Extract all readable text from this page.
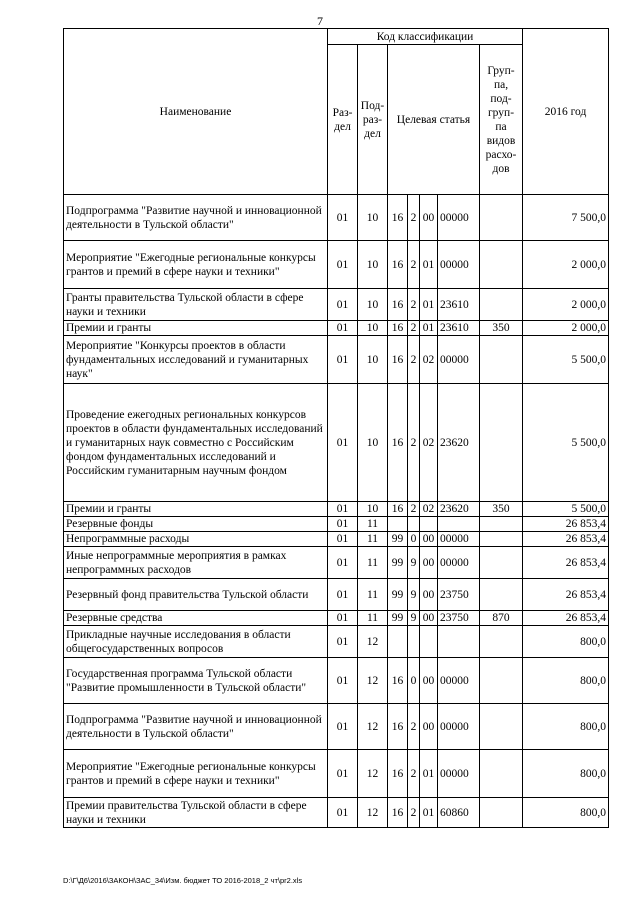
7
Наименование	Код классификации							2016 год
	Раз- дел	Под- раз- дел	Целевая статья				Груп- па, под- груп- па видов расхо- дов	
Подпрограмма "Развитие научной и инновационной деятельности в Тульской области"	01	10	16	2	00	00000		7 500,0
Мероприятие "Ежегодные региональные конкурсы грантов и премий в сфере науки и техники"	01	10	16	2	01	00000		2 000,0
Гранты правительства Тульской области в сфере науки и техники	01	10	16	2	01	23610		2 000,0
Премии и гранты	01	10	16	2	01	23610	350	2 000,0
Мероприятие "Конкурсы проектов в области фундаментальных исследований и гуманитарных наук"	01	10	16	2	02	00000		5 500,0
Проведение ежегодных региональных конкурсов проектов в области фундаментальных исследований и гуманитарных наук совместно с Российским фондом фундаментальных исследований и Российским гуманитарным научным фондом	01	10	16	2	02	23620		5 500,0
Премии и гранты	01	10	16	2	02	23620	350	5 500,0
Резервные фонды	01	11						26 853,4
Непрограммные расходы	01	11	99	0	00	00000		26 853,4
Иные непрограммные мероприятия в рамках непрограммных расходов	01	11	99	9	00	00000		26 853,4
Резервный фонд правительства Тульской области	01	11	99	9	00	23750		26 853,4
Резервные средства	01	11	99	9	00	23750	870	26 853,4
Прикладные научные исследования в области общегосударственных вопросов	01	12						800,0
Государственная программа Тульской области "Развитие промышленности в Тульской области"	01	12	16	0	00	00000		800,0
Подпрограмма "Развитие научной и инновационной деятельности в Тульской области"	01	12	16	2	00	00000		800,0
Мероприятие "Ежегодные региональные конкурсы грантов и премий в сфере науки и техники"	01	12	16	2	01	00000		800,0
Премии правительства Тульской области в сфере науки и техники	01	12	16	2	01	60860		800,0
D:\Г\Д6\2016\ЗАКОН\ЗАС_34\Изм. бюджет ТО 2016-2018_2 чт\pr2.xls
